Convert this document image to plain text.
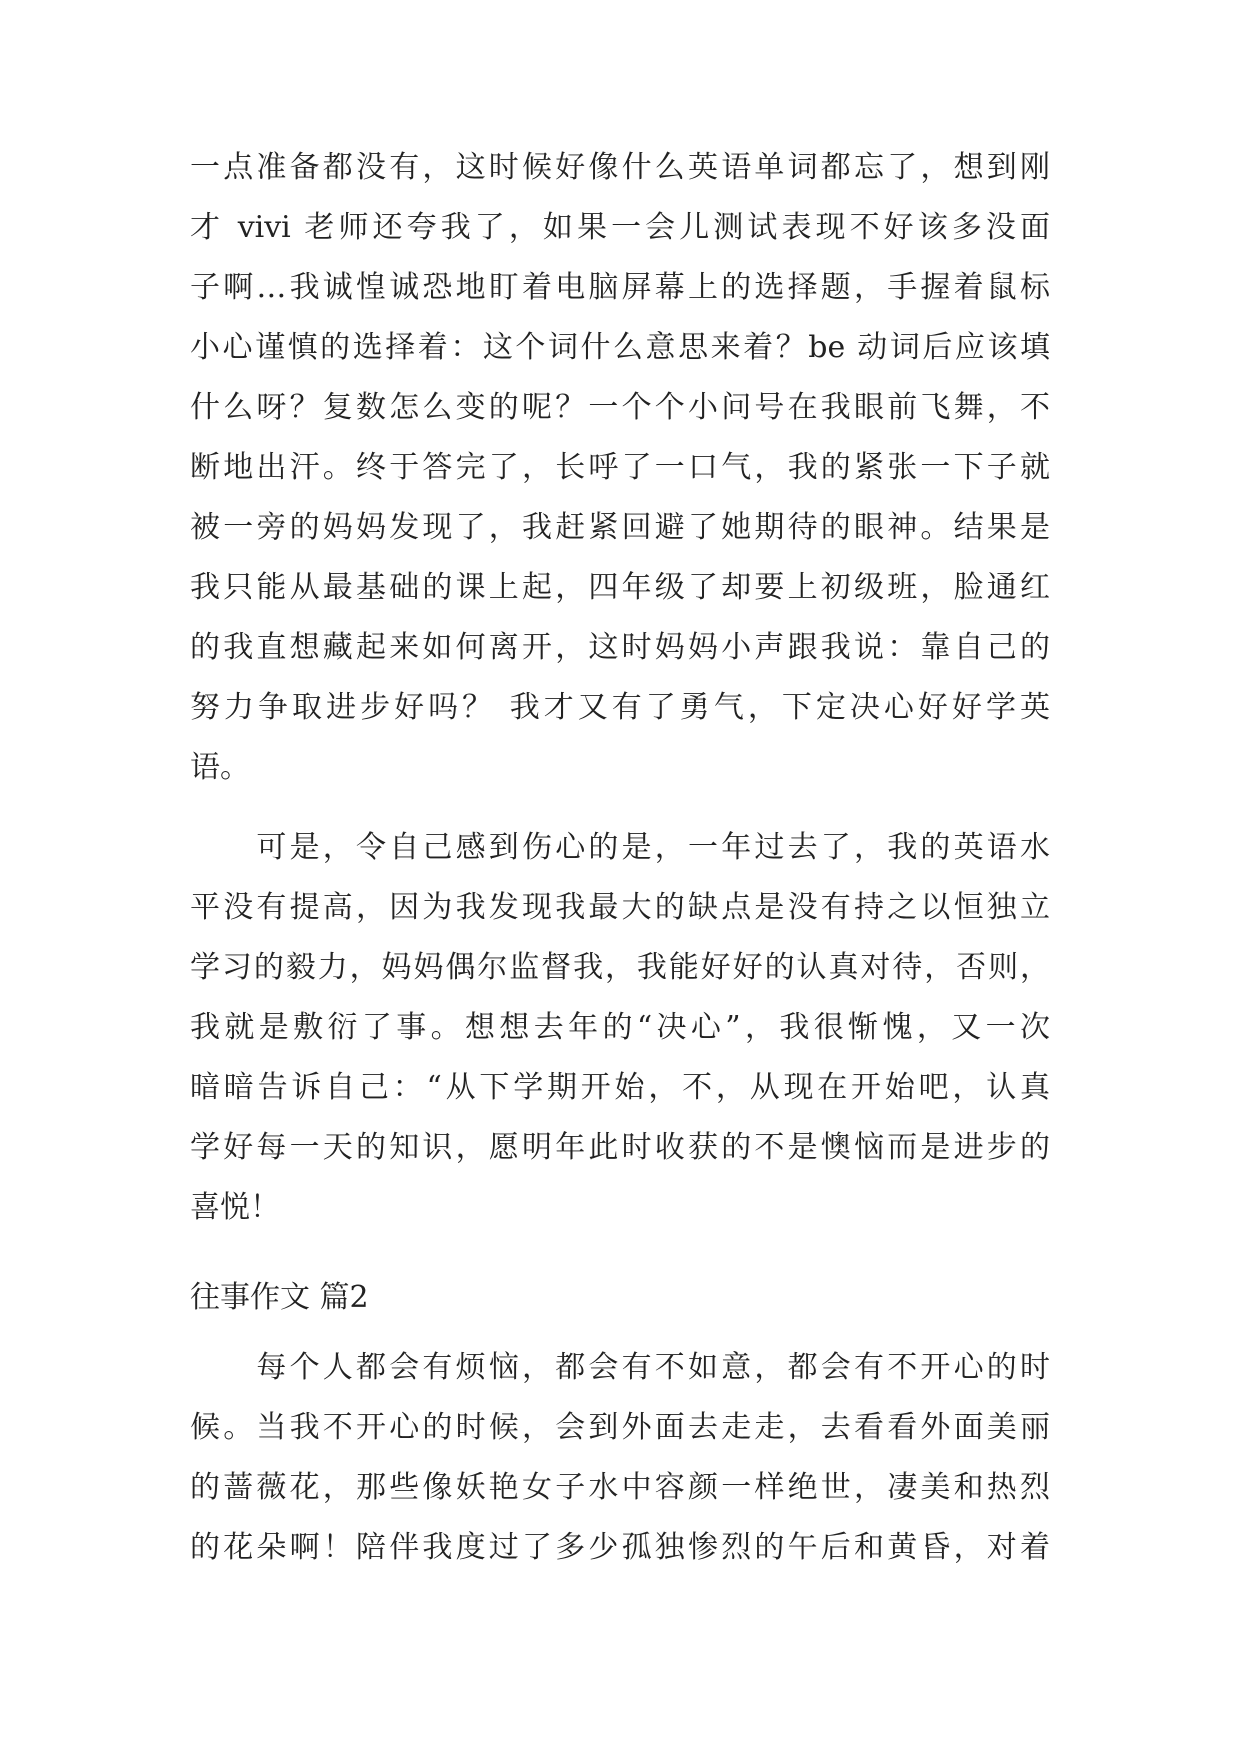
一点准备都没有，这时候好像什么英语单词都忘了，想到刚
才 vivi 老师还夸我了，如果一会儿测试表现不好该多没面
子啊…我诚惶诚恐地盯着电脑屏幕上的选择题，手握着鼠标
小心谨慎的选择着：这个词什么意思来着？be 动词后应该填
什么呀？复数怎么变的呢？一个个小问号在我眼前飞舞，不
断地出汗。终于答完了，长呼了一口气，我的紧张一下子就
被一旁的妈妈发现了，我赶紧回避了她期待的眼神。结果是
我只能从最基础的课上起，四年级了却要上初级班，脸通红
的我直想藏起来如何离开，这时妈妈小声跟我说：靠自己的
努力争取进步好吗？ 我才又有了勇气，下定决心好好学英
语。
　　可是，令自己感到伤心的是，一年过去了，我的英语水
平没有提高，因为我发现我最大的缺点是没有持之以恒独立
学习的毅力，妈妈偶尔监督我，我能好好的认真对待，否则，
我就是敷衍了事。想想去年的“决心”，我很惭愧，又一次
暗暗告诉自己：“从下学期开始，不，从现在开始吧，认真
学好每一天的知识，愿明年此时收获的不是懊恼而是进步的
喜悦！
往事作文 篇2
　　每个人都会有烦恼，都会有不如意，都会有不开心的时
候。当我不开心的时候，会到外面去走走，去看看外面美丽
的蔷薇花，那些像妖艳女子水中容颜一样绝世，凄美和热烈
的花朵啊！陪伴我度过了多少孤独惨烈的午后和黄昏，对着
